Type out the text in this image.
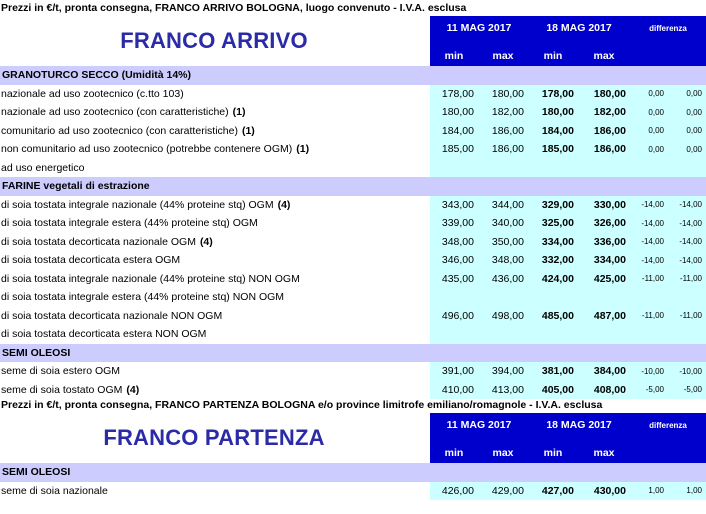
Prezzi in €/t, pronta consegna, FRANCO ARRIVO BOLOGNA, luogo convenuto - I.V.A. esclusa
FRANCO ARRIVO	11 MAG 2017	18 MAG 2017	differenza
min	max	min	max
GRANOTURCO SECCO (Umidità 14%)
nazionale ad uso zootecnico (c.tto 103)	178,00	180,00	178,00	180,00	0,00	0,00
nazionale ad uso zootecnico (con caratteristiche) (1)	180,00	182,00	180,00	182,00	0,00	0,00
comunitario ad uso zootecnico (con caratteristiche) (1)	184,00	186,00	184,00	186,00	0,00	0,00
non comunitario ad uso zootecnico (potrebbe contenere OGM) (1)	185,00	186,00	185,00	186,00	0,00	0,00
ad uso energetico
FARINE vegetali di estrazione
di soia tostata integrale nazionale (44% proteine stq) OGM (4)	343,00	344,00	329,00	330,00	-14,00	-14,00
di soia tostata integrale estera (44% proteine stq) OGM	339,00	340,00	325,00	326,00	-14,00	-14,00
di soia tostata decorticata nazionale OGM (4)	348,00	350,00	334,00	336,00	-14,00	-14,00
di soia tostata decorticata estera OGM	346,00	348,00	332,00	334,00	-14,00	-14,00
di soia tostata integrale nazionale (44% proteine stq) NON OGM	435,00	436,00	424,00	425,00	-11,00	-11,00
di soia tostata integrale estera (44% proteine stq) NON OGM
di soia tostata decorticata nazionale NON OGM	496,00	498,00	485,00	487,00	-11,00	-11,00
di soia tostata decorticata estera NON OGM
SEMI OLEOSI
seme di soia estero OGM	391,00	394,00	381,00	384,00	-10,00	-10,00
seme di soia tostato OGM (4)	410,00	413,00	405,00	408,00	-5,00	-5,00
Prezzi in €/t, pronta consegna, FRANCO PARTENZA BOLOGNA e/o province limitrofe emiliano/romagnole - I.V.A. esclusa
FRANCO PARTENZA	11 MAG 2017	18 MAG 2017	differenza
min	max	min	max
SEMI OLEOSI
seme di soia nazionale	426,00	429,00	427,00	430,00	1,00	1,00
